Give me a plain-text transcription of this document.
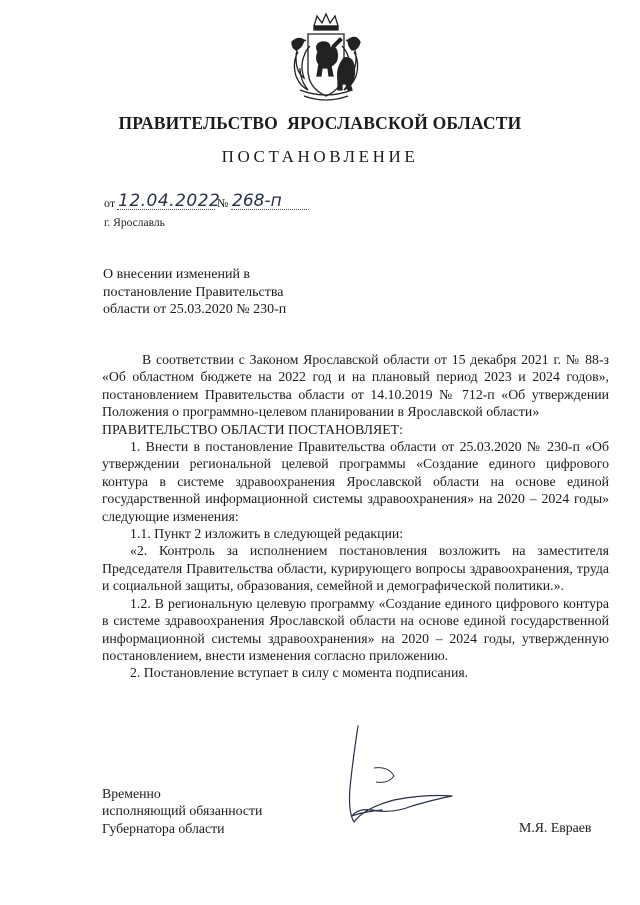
ПРАВИТЕЛЬСТВО  ЯРОСЛАВСКОЙ ОБЛАСТИ
ПОСТАНОВЛЕНИЕ
от 12.04.2022
№ 268-п
г. Ярославль
О внесении изменений в
постановление Правительства
области от 25.03.2020 № 230-п
В соответствии с Законом Ярославской области от 15 декабря 2021 г. № 88-з «Об областном бюджете на 2022 год и на плановый период 2023 и 2024 годов», постановлением Правительства области от 14.10.2019 № 712-п «Об утверждении Положения о программно-целевом планировании в Ярославской области»
ПРАВИТЕЛЬСТВО ОБЛАСТИ ПОСТАНОВЛЯЕТ:
1. Внести в постановление Правительства области от 25.03.2020 № 230-п «Об утверждении региональной целевой программы «Создание единого цифрового контура в системе здравоохранения Ярославской области на основе единой государственной информационной системы здравоохранения» на 2020 – 2024 годы» следующие изменения:
1.1. Пункт 2 изложить в следующей редакции:
«2. Контроль за исполнением постановления возложить на заместителя Председателя Правительства области, курирующего вопросы здравоохранения, труда и социальной защиты, образования, семейной и демографической политики.».
1.2. В региональную целевую программу «Создание единого цифрового контура в системе здравоохранения Ярославской области на основе единой государственной информационной системы здравоохранения» на 2020 – 2024 годы, утвержденную постановлением, внести изменения согласно приложению.
2. Постановление вступает в силу с момента подписания.
Временно
исполняющий обязанности
Губернатора области	М.Я. Евраев
